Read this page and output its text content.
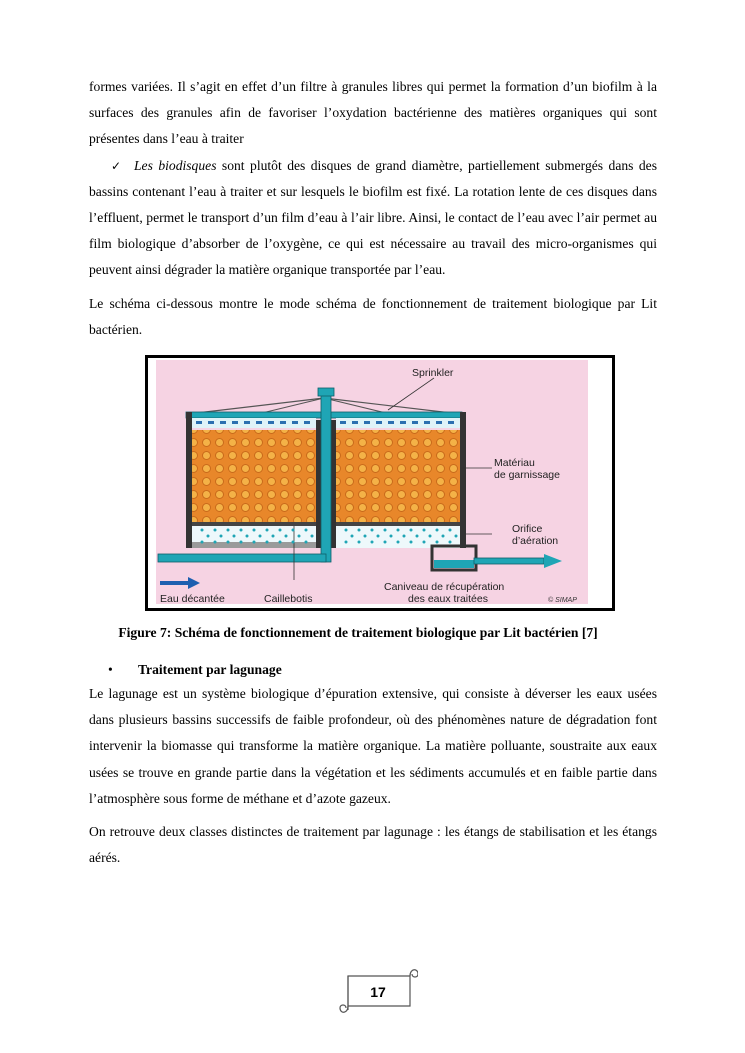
formes variées. Il s’agit en effet d’un filtre à granules libres qui permet la formation d’un biofilm à la surfaces des granules afin de favoriser l’oxydation bactérienne des matières organiques qui sont présentes dans l’eau à traiter

✓ Les biodisques sont plutôt des disques de grand diamètre, partiellement submergés dans des bassins contenant l’eau à traiter et sur lesquels le biofilm est fixé. La rotation lente de ces disques dans l’effluent, permet le transport d’un film d’eau à l’air libre. Ainsi, le contact de l’eau avec l’air permet au film biologique d’absorber de l’oxygène, ce qui est nécessaire au travail des micro-organismes qui peuvent ainsi dégrader la matière organique transportée par l’eau.

Le schéma ci-dessous montre le mode schéma de fonctionnement de traitement biologique par Lit bactérien.

Sprinkler
Matériau
de garnissage
Orifice
d’aération
Eau décantée	Caillebotis
Caniveau de récupération
des eaux traitées	© SIMAP
Figure 7: Schéma de fonctionnement de traitement biologique par Lit bactérien [7]
• Traitement par lagunage

Le lagunage est un système biologique d’épuration extensive, qui consiste à déverser les eaux usées dans plusieurs bassins successifs de faible profondeur, où des phénomènes nature de dégradation font intervenir la biomasse qui transforme la matière organique. La matière polluante, soustraite aux eaux usées se trouve en grande partie dans la végétation et les sédiments accumulés et en faible partie dans l’atmosphère sous forme de méthane et d’azote gazeux.

On retrouve deux classes distinctes de traitement par lagunage : les étangs de stabilisation et les étangs aérés.

17
